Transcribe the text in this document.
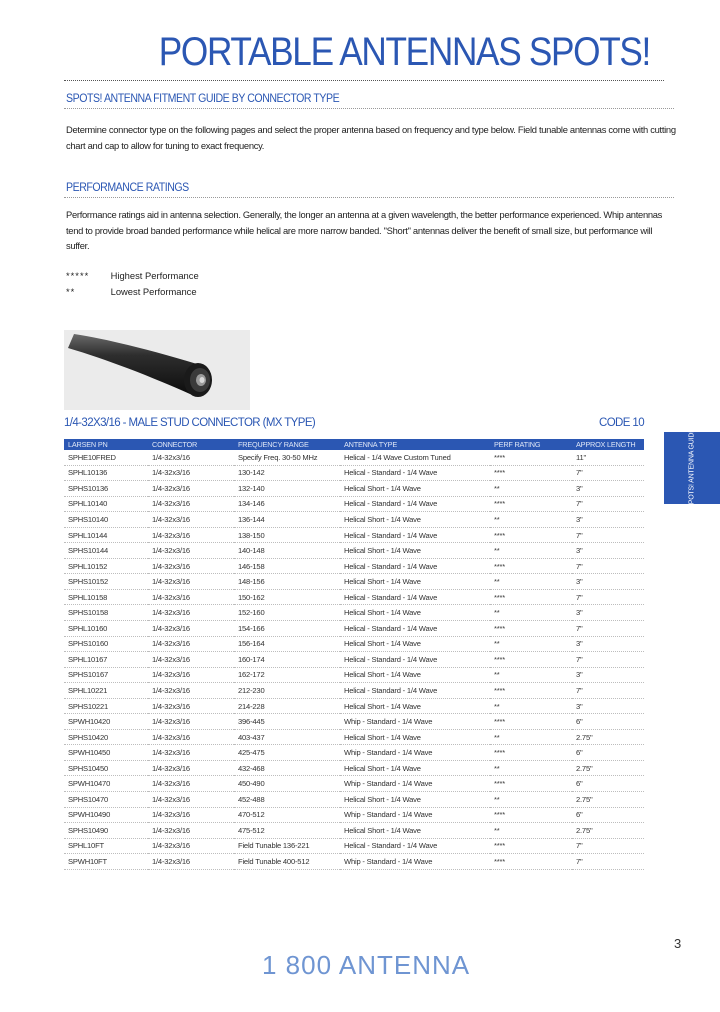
PORTABLE ANTENNAS SPOTS!
SPOTS! ANTENNA FITMENT GUIDE BY CONNECTOR TYPE
Determine connector type on the following pages and select the proper antenna based on frequency and type below. Field tunable antennas come with cutting chart and cap to allow for tuning to exact frequency.
PERFORMANCE RATINGS
Performance ratings aid in antenna selection. Generally, the longer an antenna at a given wavelength, the better performance experienced. Whip antennas tend to provide broad banded performance while helical are more narrow banded. "Short" antennas deliver the benefit of small size, but performance will suffer.
***** Highest Performance
**	Lowest Performance
1/4-32X3/16 - MALE STUD CONNECTOR (MX TYPE)	CODE 10
LARSEN PN	CONNECTOR	FREQUENCY RANGE	ANTENNA TYPE	PERF RATING	APPROX LENGTH
SPHE10FRED	1/4-32x3/16	Specify Freq. 30-50 MHz	Helical - 1/4 Wave Custom Tuned	****	11"
SPHL10136	1/4-32x3/16	130-142	Helical - Standard - 1/4 Wave	****	7"
SPHS10136	1/4-32x3/16	132-140	Helical Short - 1/4 Wave	**	3"
SPHL10140	1/4-32x3/16	134-146	Helical - Standard - 1/4 Wave	****	7"
SPHS10140	1/4-32x3/16	136-144	Helical Short - 1/4 Wave	**	3"
SPHL10144	1/4-32x3/16	138-150	Helical - Standard - 1/4 Wave	****	7"
SPHS10144	1/4-32x3/16	140-148	Helical Short - 1/4 Wave	**	3"
SPHL10152	1/4-32x3/16	146-158	Helical - Standard - 1/4 Wave	****	7"
SPHS10152	1/4-32x3/16	148-156	Helical Short - 1/4 Wave	**	3"
SPHL10158	1/4-32x3/16	150-162	Helical - Standard - 1/4 Wave	****	7"
SPHS10158	1/4-32x3/16	152-160	Helical Short - 1/4 Wave	**	3"
SPHL10160	1/4-32x3/16	154-166	Helical - Standard - 1/4 Wave	****	7"
SPHS10160	1/4-32x3/16	156-164	Helical Short - 1/4 Wave	**	3"
SPHL10167	1/4-32x3/16	160-174	Helical - Standard - 1/4 Wave	****	7"
SPHS10167	1/4-32x3/16	162-172	Helical Short - 1/4 Wave	**	3"
SPHL10221	1/4-32x3/16	212-230	Helical - Standard - 1/4 Wave	****	7"
SPHS10221	1/4-32x3/16	214-228	Helical Short - 1/4 Wave	**	3"
SPWH10420	1/4-32x3/16	396-445	Whip - Standard - 1/4 Wave	****	6"
SPHS10420	1/4-32x3/16	403-437	Helical Short - 1/4 Wave	**	2.75"
SPWH10450	1/4-32x3/16	425-475	Whip - Standard - 1/4 Wave	****	6"
SPHS10450	1/4-32x3/16	432-468	Helical Short - 1/4 Wave	**	2.75"
SPWH10470	1/4-32x3/16	450-490	Whip - Standard - 1/4 Wave	****	6"
SPHS10470	1/4-32x3/16	452-488	Helical Short - 1/4 Wave	**	2.75"
SPWH10490	1/4-32x3/16	470-512	Whip - Standard - 1/4 Wave	****	6"
SPHS10490	1/4-32x3/16	475-512	Helical Short - 1/4 Wave	**	2.75"
SPHL10FT	1/4-32x3/16	Field Tunable 136-221	Helical - Standard - 1/4 Wave	****	7"
SPWH10FT	1/4-32x3/16	Field Tunable 400-512	Whip - Standard - 1/4 Wave	****	7"
SPOTS! ANTENNA GUIDE
3
1 800 ANTENNA
